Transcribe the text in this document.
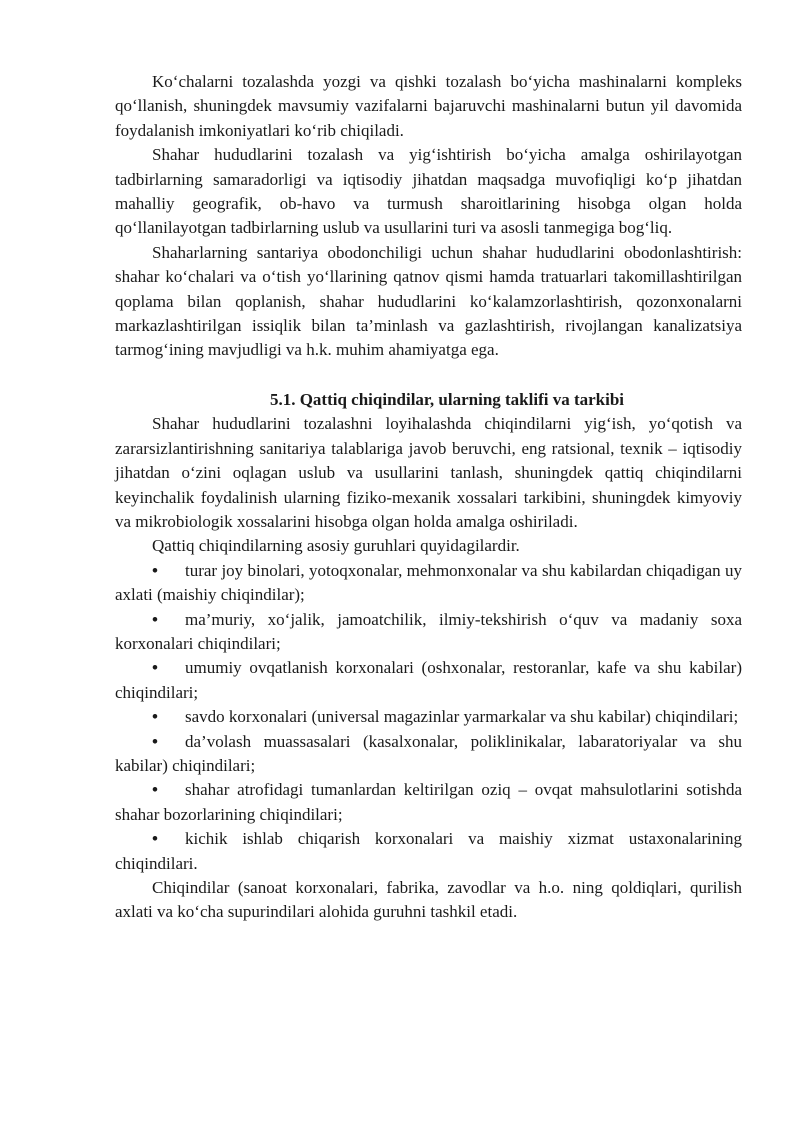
Ko‘chalarni tozalashda yozgi va qishki tozalash bo‘yicha mashinalarni kompleks qo‘llanish, shuningdek mavsumiy vazifalarni bajaruvchi mashinalarni butun yil davomida foydalanish imkoniyatlari ko‘rib chiqiladi.

Shahar hududlarini tozalash va yig‘ishtirish bo‘yicha amalga oshirilayotgan tadbirlarning samaradorligi va iqtisodiy jihatdan maqsadga muvofiqligi ko‘p jihatdan mahalliy geografik, ob-havo va turmush sharoitlarining hisobga olgan holda qo‘llanilayotgan tadbirlarning uslub va usullarini turi va asosli tanmegiga bog‘liq.

Shaharlarning santariya obodonchiligi uchun shahar hududlarini obodonlashtirish: shahar ko‘chalari va o‘tish yo‘llarining qatnov qismi hamda tratuarlari takomillashtirilgan qoplama bilan qoplanish, shahar hududlarini ko‘kalamzorlashtirish, qozonxonalarni markazlashtirilgan issiqlik bilan ta’minlash va gazlashtirish, rivojlangan kanalizatsiya tarmog‘ining mavjudligi va h.k. muhim ahamiyatga ega.

5.1. Qattiq chiqindilar, ularning taklifi va tarkibi

Shahar hududlarini tozalashni loyihalashda chiqindilarni yig‘ish, yo‘qotish va zararsizlantirishning sanitariya talablariga javob beruvchi, eng ratsional, texnik – iqtisodiy jihatdan o‘zini oqlagan uslub va usullarini tanlash, shuningdek qattiq chiqindilarni keyinchalik foydalinish ularning fiziko-mexanik xossalari tarkibini, shuningdek kimyoviy va mikrobiologik xossalarini hisobga olgan holda amalga oshiriladi.

Qattiq chiqindilarning asosiy guruhlari quyidagilardir.

• turar joy binolari, yotoqxonalar, mehmonxonalar va shu kabilardan chiqadigan uy axlati (maishiy chiqindilar);

• ma’muriy, xo‘jalik, jamoatchilik, ilmiy-tekshirish o‘quv va madaniy soxa korxonalari chiqindilari;

• umumiy ovqatlanish korxonalari (oshxonalar, restoranlar, kafe va shu kabilar) chiqindilari;

• savdo korxonalari (universal magazinlar yarmarkalar va shu kabilar) chiqindilari;

• da’volash muassasalari (kasalxonalar, poliklinikalar, labaratoriyalar va shu kabilar) chiqindilari;

• shahar atrofidagi tumanlardan keltirilgan oziq – ovqat mahsulotlarini sotishda shahar bozorlarining chiqindilari;

• kichik ishlab chiqarish korxonalari va maishiy xizmat ustaxonalarining chiqindilari.

Chiqindilar (sanoat korxonalari, fabrika, zavodlar va h.o. ning qoldiqlari, qurilish axlati va ko‘cha supurindilari alohida guruhni tashkil etadi.
